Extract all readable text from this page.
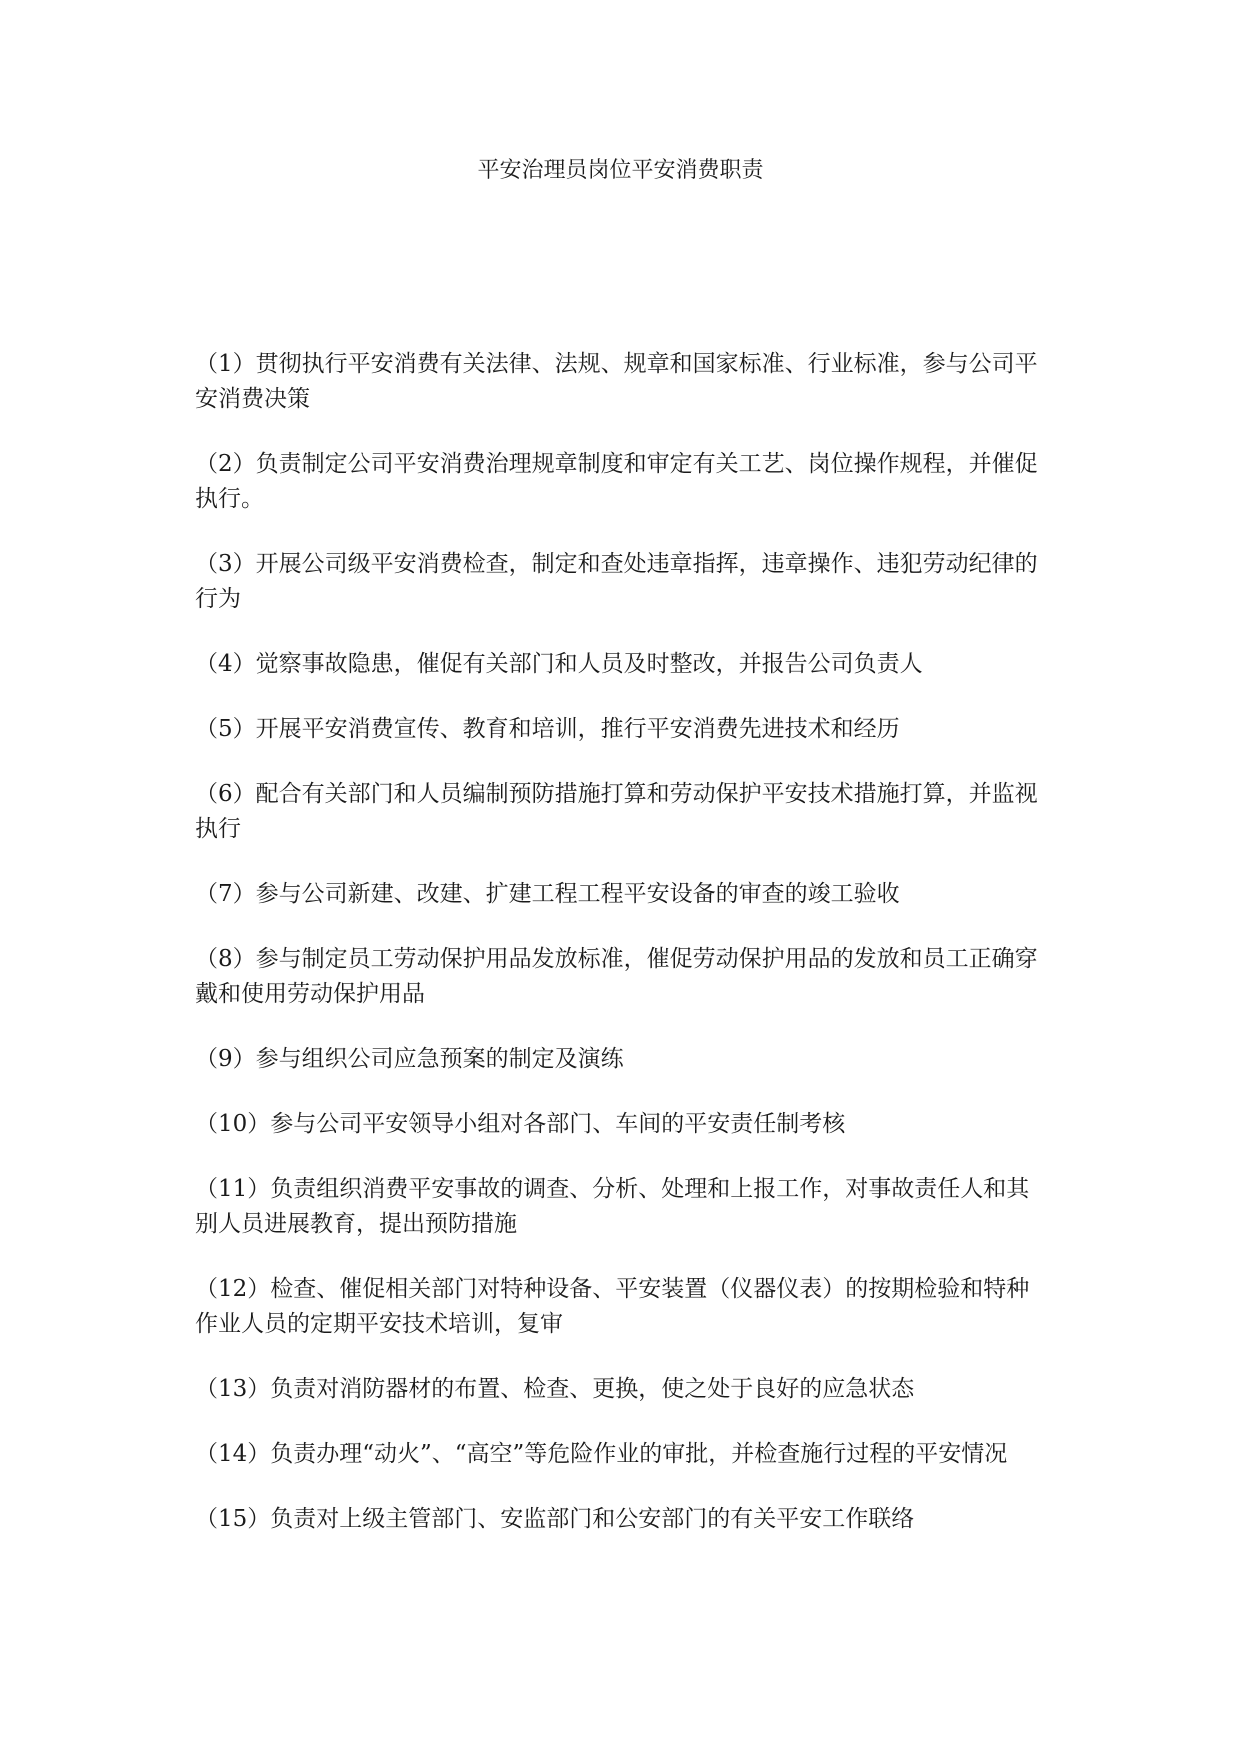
平安治理员岗位平安消费职责
（1）贯彻执行平安消费有关法律、法规、规章和国家标准、行业标准，参与公司平安消费决策
（2）负责制定公司平安消费治理规章制度和审定有关工艺、岗位操作规程，并催促执行。
（3）开展公司级平安消费检查，制定和查处违章指挥，违章操作、违犯劳动纪律的行为
（4）觉察事故隐患，催促有关部门和人员及时整改，并报告公司负责人
（5）开展平安消费宣传、教育和培训，推行平安消费先进技术和经历
（6）配合有关部门和人员编制预防措施打算和劳动保护平安技术措施打算，并监视执行
（7）参与公司新建、改建、扩建工程工程平安设备的审查的竣工验收
（8）参与制定员工劳动保护用品发放标准，催促劳动保护用品的发放和员工正确穿戴和使用劳动保护用品
（9）参与组织公司应急预案的制定及演练
（10）参与公司平安领导小组对各部门、车间的平安责任制考核
（11）负责组织消费平安事故的调查、分析、处理和上报工作，对事故责任人和其别人员进展教育，提出预防措施
（12）检查、催促相关部门对特种设备、平安装置（仪器仪表）的按期检验和特种作业人员的定期平安技术培训，复审
（13）负责对消防器材的布置、检查、更换，使之处于良好的应急状态
（14）负责办理“动火”、“高空”等危险作业的审批，并检查施行过程的平安情况
（15）负责对上级主管部门、安监部门和公安部门的有关平安工作联络
